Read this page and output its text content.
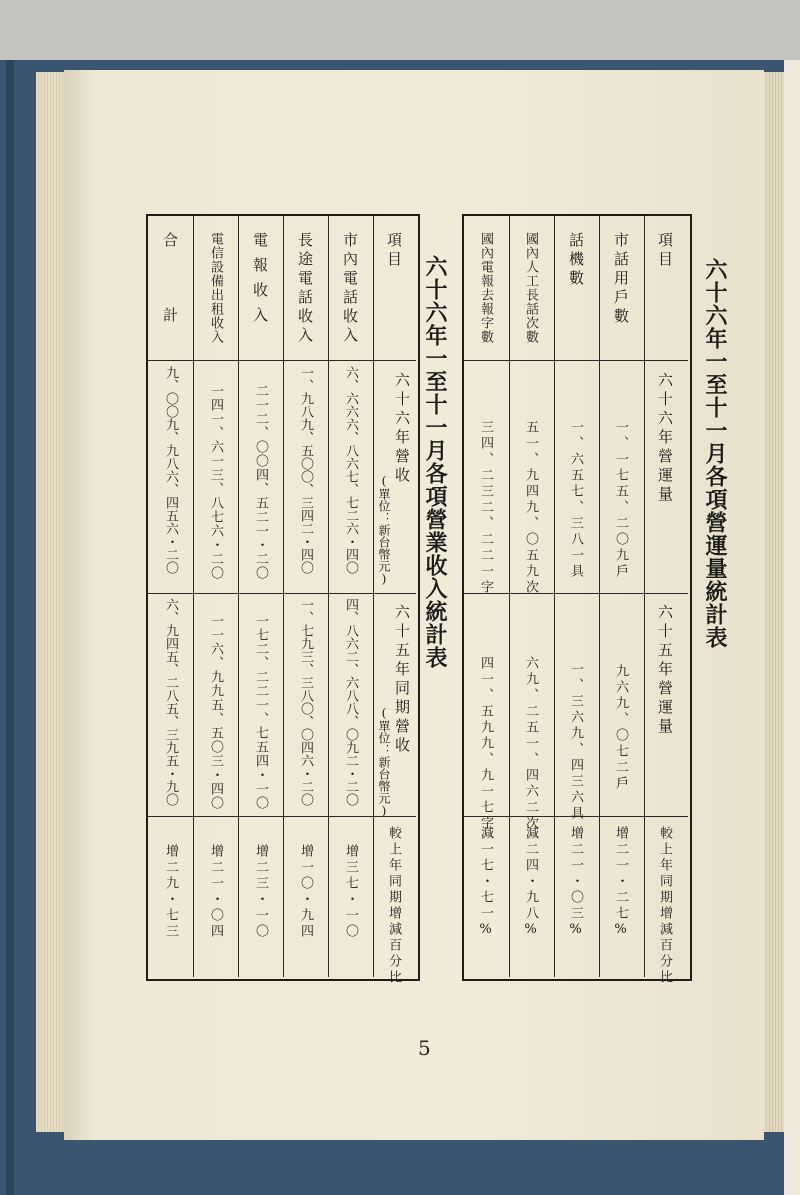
六十六年一至十一月各項營運量統計表
項目
六十六年營運量
六十五年營運量
較上年同期增減百分比
市話用戶數
一、一七五、二〇九戶
九六九、〇七二戶
增二一・二七%
話機數
一、六五七、三八一具
一、三六九、四三六具
增二一・〇三%
國內人工長話次數
五一、九四九、〇五九次
六九、二五一、四六二次
減二四・九八%
國內電報去報字數
三四、二三二、二二一字
四一、五九九、九一七字
減一七・七一%
六十六年一至十一月各項營業收入統計表
項目
六十六年營收
(單位：新台幣元)
六十五年同期營收
(單位：新台幣元)
較上年同期增減百分比
市內電話收入
六、六六六、八六七、七二六・四〇
四、八六二、六八八、〇九二・二〇
增三七・一〇
長途電話收入
一、九八九、五〇〇、三四二・四〇
一、七九三、三八〇、〇四六・二〇
增一〇・九四
電報收入
二一二、〇〇四、五二一・二〇
一七二、二二一、七五四・一〇
增二三・一〇
電信設備出租收入
一四一、六一三、八七六・二〇
一一六、九九五、五〇三・四〇
增二一・〇四
合計
九、〇〇九、九八六、四五六・二〇
六、九四五、二八五、三九五・九〇
增二九・七三
5
